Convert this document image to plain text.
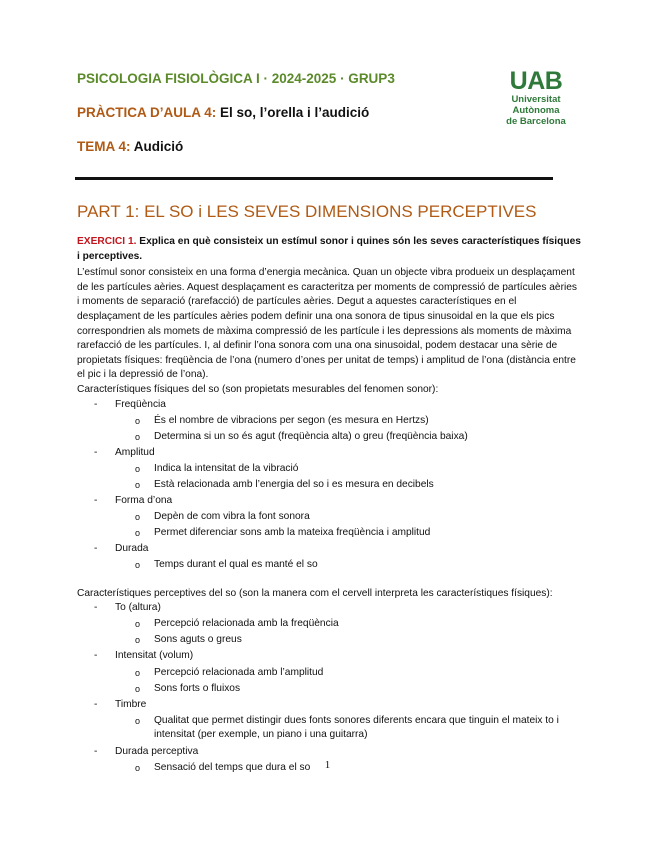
PSICOLOGIA FISIOLÒGICA I · 2024-2025 · GRUP3
PRÀCTICA D’AULA 4: El so, l’orella i l’audició
TEMA 4: Audició
UAB
Universitat Autònoma
de Barcelona
PART 1: EL SO i LES SEVES DIMENSIONS PERCEPTIVES

EXERCICI 1. Explica en què consisteix un estímul sonor i quines són les seves característiques físiques i perceptives.

L’estímul sonor consisteix en una forma d’energia mecànica. Quan un objecte vibra produeix un desplaçament de les partícules aèries. Aquest desplaçament es caracteritza per moments de compressió de partícules aèries i moments de separació (rarefacció) de partícules aèries. Degut a aquestes característiques en el desplaçament de les partícules aèries podem definir una ona sonora de tipus sinusoidal en la que els pics correspondrien als momets de màxima compressió de les partícule i les depressions als moments de màxima rarefacció de les partícules. I, al definir l’ona sonora com una ona sinusoidal, podem destacar una sèrie de propietats físiques: freqüència de l’ona (numero d’ones per unitat de temps) i amplitud de l’ona (distància entre el pic i la depressió de l’ona).

Característiques físiques del so (son propietats mesurables del fenomen sonor):

- Freqüència
o És el nombre de vibracions per segon (es mesura en Hertzs)
o Determina si un so és agut (freqüència alta) o greu (freqüència baixa)
- Amplitud
o Indica la intensitat de la vibració
o Està relacionada amb l’energia del so i es mesura en decibels
- Forma d’ona
o Depèn de com vibra la font sonora
o Permet diferenciar sons amb la mateixa freqüència i amplitud
- Durada
o Temps durant el qual es manté el so

Característiques perceptives del so (son la manera com el cervell interpreta les característiques físiques):

- To (altura)
o Percepció relacionada amb la freqüència
o Sons aguts o greus
- Intensitat (volum)
o Percepció relacionada amb l’amplitud
o Sons forts o fluixos
- Timbre
o Qualitat que permet distingir dues fonts sonores diferents encara que tinguin el mateix to i intensitat (per exemple, un piano i una guitarra)
- Durada perceptiva
o Sensació del temps que dura el so	1
